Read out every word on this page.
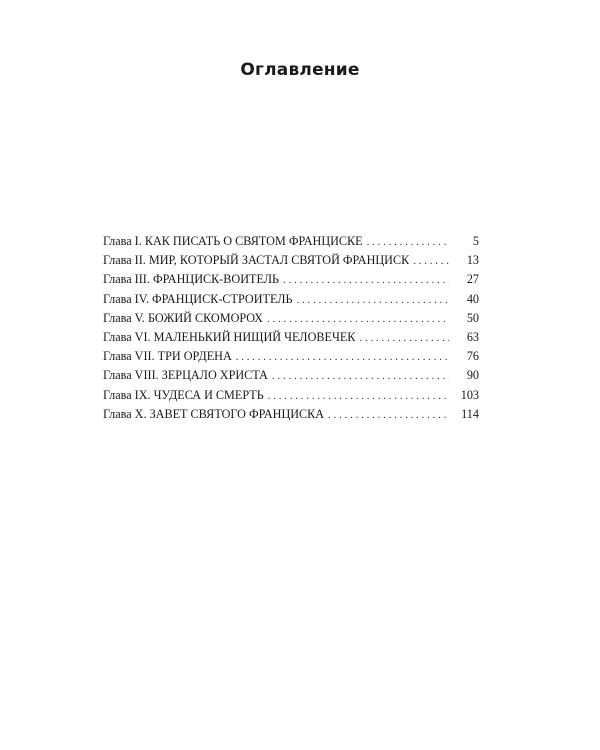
Оглавление
Глава I. КАК ПИСАТЬ О СВЯТОМ ФРАНЦИСКЕ . . .	5
Глава II. МИР, КОТОРЫЙ ЗАСТАЛ СВЯТОЙ ФРАНЦИСК . . .	13
Глава III. ФРАНЦИСК-ВОИТЕЛЬ . . .	27
Глава IV. ФРАНЦИСК-СТРОИТЕЛЬ . . .	40
Глава V. БОЖИЙ СКОМОРОХ . . .	50
Глава VI. МАЛЕНЬКИЙ НИЩИЙ ЧЕЛОВЕЧЕК . . .	63
Глава VII. ТРИ ОРДЕНА . . .	76
Глава VIII. ЗЕРЦАЛО ХРИСТА . . .	90
Глава IX. ЧУДЕСА И СМЕРТЬ . . .	103
Глава X. ЗАВЕТ СВЯТОГО ФРАНЦИСКА . . .	114
